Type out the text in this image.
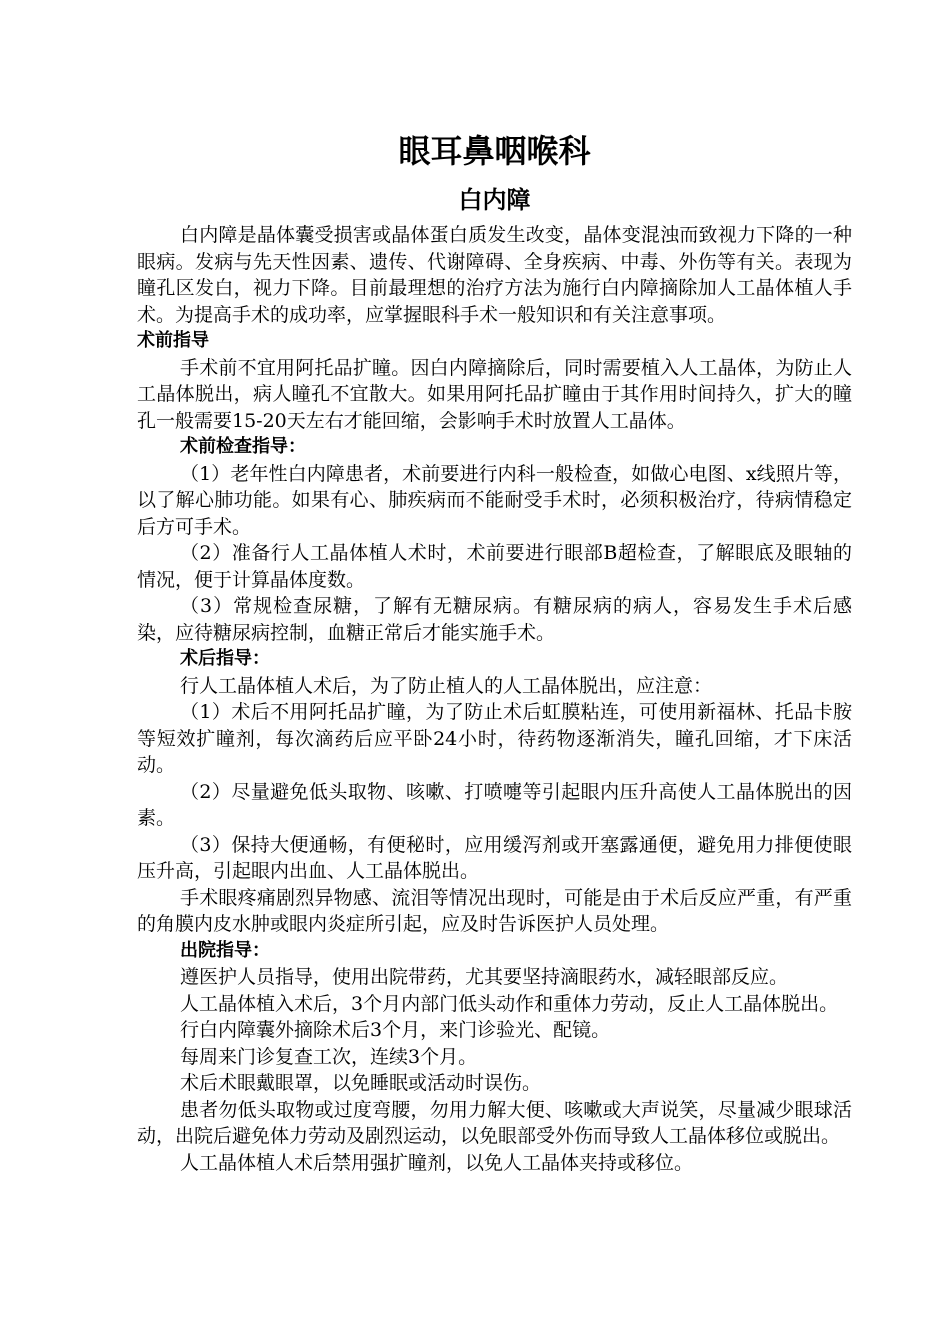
眼耳鼻咽喉科
白内障

白内障是晶体囊受损害或晶体蛋白质发生改变，晶体变混浊而致视力下降的一种眼病。发病与先天性因素、遗传、代谢障碍、全身疾病、中毒、外伤等有关。表现为瞳孔区发白，视力下降。目前最理想的治疗方法为施行白内障摘除加人工晶体植人手术。为提高手术的成功率，应掌握眼科手术一般知识和有关注意事项。

术前指导

手术前不宜用阿托品扩瞳。因白内障摘除后，同时需要植入人工晶体，为防止人工晶体脱出，病人瞳孔不宜散大。如果用阿托品扩瞳由于其作用时间持久，扩大的瞳孔一般需要15-20天左右才能回缩，会影响手术时放置人工晶体。

术前检查指导：

（1）老年性白内障患者，术前要进行内科一般检查，如做心电图、x线照片等，以了解心肺功能。如果有心、肺疾病而不能耐受手术时，必须积极治疗，待病情稳定后方可手术。

（2）准备行人工晶体植人术时，术前要进行眼部B超检查，了解眼底及眼轴的情况，便于计算晶体度数。

（3）常规检查尿糖，了解有无糖尿病。有糖尿病的病人，容易发生手术后感染，应待糖尿病控制，血糖正常后才能实施手术。

术后指导：

行人工晶体植人术后，为了防止植人的人工晶体脱出，应注意：

（1）术后不用阿托品扩瞳，为了防止术后虹膜粘连，可使用新福林、托品卡胺等短效扩瞳剂，每次滴药后应平卧24小时，待药物逐渐消失，瞳孔回缩，才下床活动。

（2）尽量避免低头取物、咳嗽、打喷嚏等引起眼内压升高使人工晶体脱出的因素。

（3）保持大便通畅，有便秘时，应用缓泻剂或开塞露通便，避免用力排便使眼压升高，引起眼内出血、人工晶体脱出。

手术眼疼痛剧烈异物感、流泪等情况出现时，可能是由于术后反应严重，有严重的角膜内皮水肿或眼内炎症所引起，应及时告诉医护人员处理。

出院指导：

遵医护人员指导，使用出院带药，尤其要坚持滴眼药水，减轻眼部反应。

人工晶体植入术后，3个月内部门低头动作和重体力劳动，反止人工晶体脱出。

行白内障囊外摘除术后3个月，来门诊验光、配镜。

每周来门诊复查工次，连续3个月。

术后术眼戴眼罩，以免睡眠或活动时误伤。

患者勿低头取物或过度弯腰，勿用力解大便、咳嗽或大声说笑，尽量减少眼球活动，出院后避免体力劳动及剧烈运动，以免眼部受外伤而导致人工晶体移位或脱出。

人工晶体植人术后禁用强扩瞳剂，以免人工晶体夹持或移位。
